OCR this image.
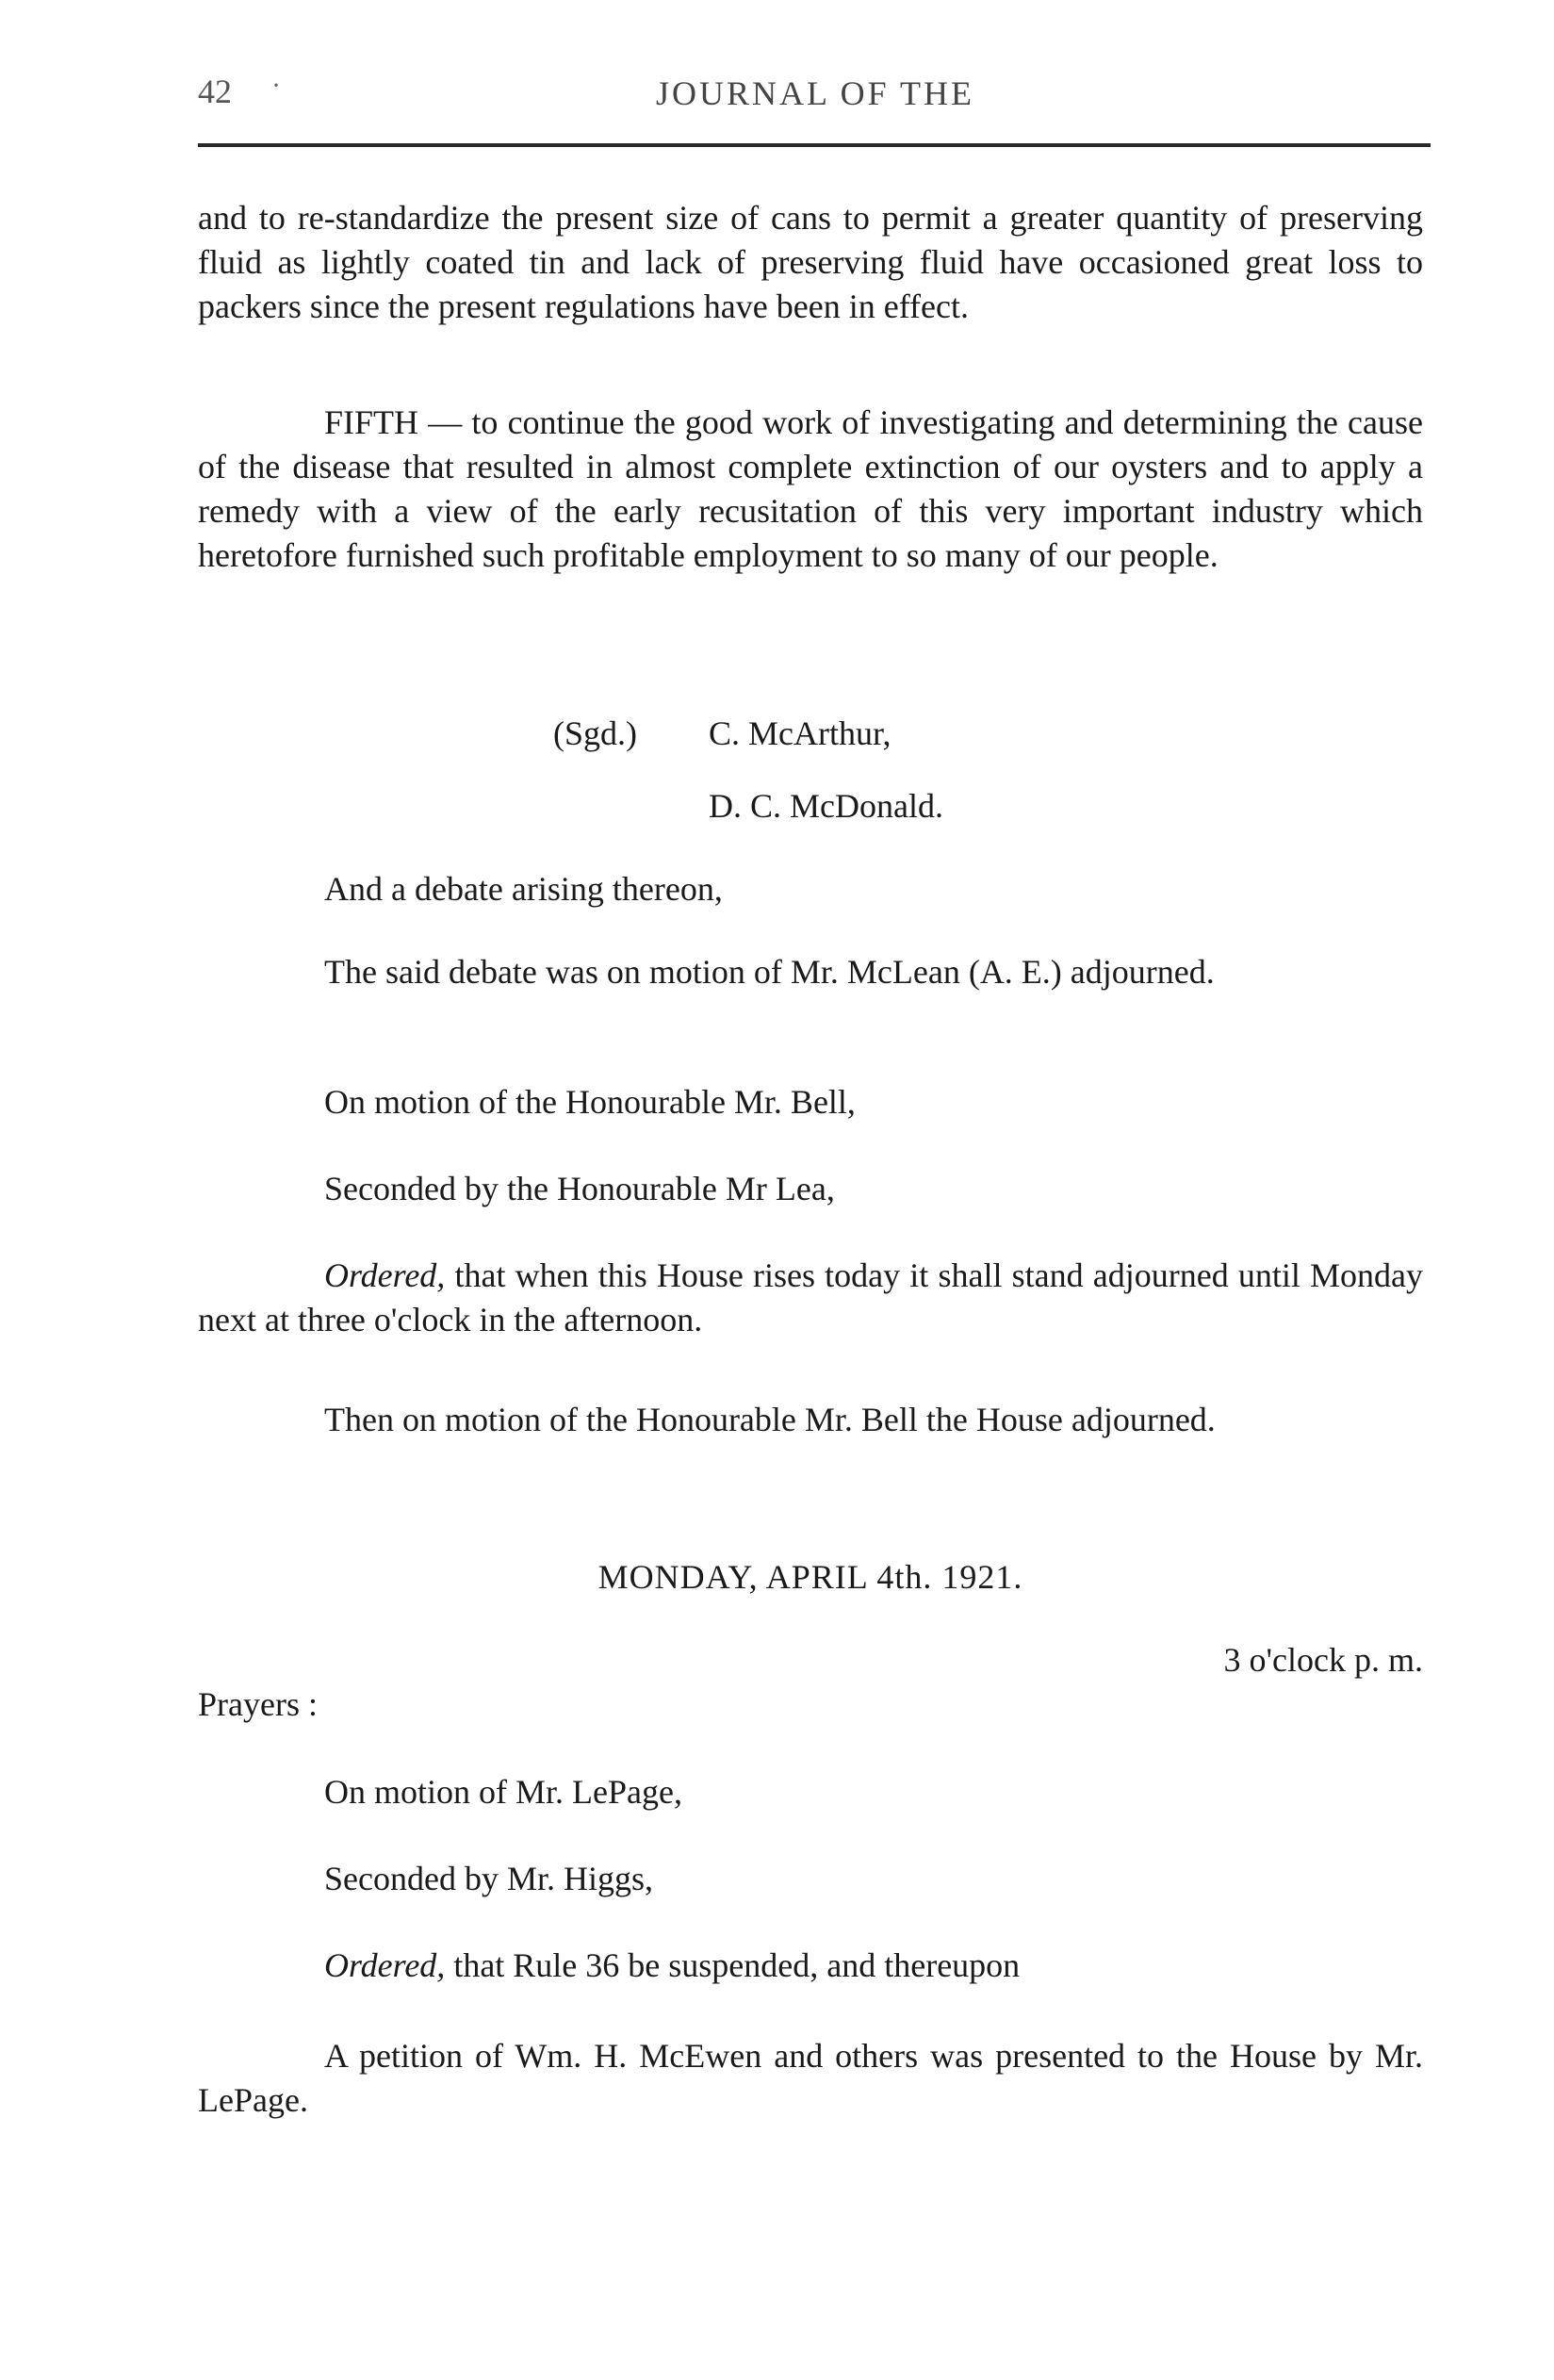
42 ·	JOURNAL OF THE

and to re-standardize the present size of cans to permit a greater quantity of preserving fluid as lightly coated tin and lack of preserving fluid have occasioned great loss to packers since the present regulations have been in effect.

FIFTH — to continue the good work of investigating and determining the cause of the disease that resulted in almost complete extinction of our oysters and to apply a remedy with a view of the early recusitation of this very important industry which heretofore furnished such profitable employment to so many of our people.

(Sgd.) C. McArthur,

D. C. McDonald.

And a debate arising thereon,

The said debate was on motion of Mr. McLean (A. E.) adjourned.

On motion of the Honourable Mr. Bell,

Seconded by the Honourable Mr Lea,

Ordered, that when this House rises today it shall stand adjourned until Monday next at three o'clock in the afternoon.

Then on motion of the Honourable Mr. Bell the House adjourned.

MONDAY, APRIL 4th. 1921.

3 o'clock p. m.

Prayers :

On motion of Mr. LePage,

Seconded by Mr. Higgs,

Ordered, that Rule 36 be suspended, and thereupon

A petition of Wm. H. McEwen and others was presented to the House by Mr. LePage.
